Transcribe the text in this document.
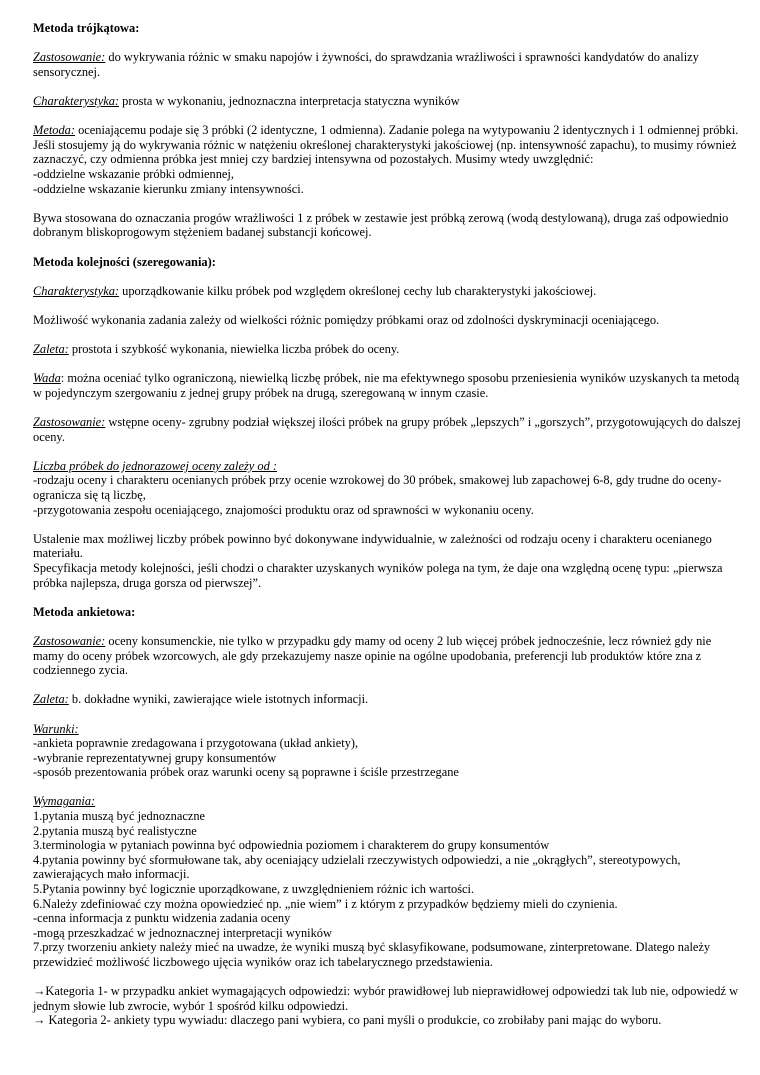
Metoda trójkątowa:

Zastosowanie: do wykrywania różnic w smaku napojów i żywności, do sprawdzania wrażliwości i sprawności kandydatów do analizy sensorycznej.

Charakterystyka: prosta w wykonaniu, jednoznaczna interpretacja statyczna wyników

Metoda: oceniającemu podaje się 3 próbki (2 identyczne, 1 odmienna). Zadanie polega na wytypowaniu 2 identycznych i 1 odmiennej próbki. Jeśli stosujemy ją do wykrywania różnic w natężeniu określonej charakterystyki jakościowej (np. intensywność zapachu), to musimy również zaznaczyć, czy odmienna próbka jest mniej czy bardziej intensywna od pozostałych. Musimy wtedy uwzględnić:

-oddzielne wskazanie próbki odmiennej,

-oddzielne wskazanie kierunku zmiany intensywności.

Bywa stosowana do oznaczania progów wrażliwości 1 z próbek w zestawie jest próbką zerową (wodą destylowaną), druga zaś odpowiednio dobranym bliskoprogowym stężeniem badanej substancji końcowej.

Metoda kolejności (szeregowania):

Charakterystyka: uporządkowanie kilku próbek pod względem określonej cechy lub charakterystyki jakościowej.

Możliwość wykonania zadania zależy od wielkości różnic pomiędzy próbkami oraz od zdolności dyskryminacji oceniającego.

Zaleta: prostota i szybkość wykonania, niewielka liczba próbek do oceny.

Wada: można oceniać tylko ograniczoną, niewielką liczbę próbek, nie ma efektywnego sposobu przeniesienia wyników uzyskanych ta metodą w pojedynczym szergowaniu z jednej grupy próbek na drugą, szeregowaną w innym czasie.

Zastosowanie: wstępne oceny- zgrubny podział większej ilości próbek na grupy próbek „lepszych” i „gorszych”, przygotowujących do dalszej oceny.

Liczba próbek do jednorazowej oceny zależy od :

-rodzaju oceny i charakteru ocenianych próbek przy ocenie wzrokowej do 30 próbek, smakowej lub zapachowej 6-8, gdy trudne do oceny-ogranicza się tą liczbę,

-przygotowania zespołu oceniającego, znajomości produktu oraz od sprawności w wykonaniu oceny.

Ustalenie max możliwej liczby próbek powinno być dokonywane indywidualnie, w zależności od rodzaju oceny i charakteru ocenianego materiału.

Specyfikacja metody kolejności, jeśli chodzi o charakter uzyskanych wyników polega na tym, że daje ona względną ocenę typu: „pierwsza próbka najlepsza, druga gorsza od pierwszej”.

Metoda ankietowa:

Zastosowanie: oceny konsumenckie, nie tylko w przypadku gdy mamy od oceny 2 lub więcej próbek jednocześnie, lecz również gdy nie mamy do oceny próbek wzorcowych, ale gdy przekazujemy nasze opinie na ogólne upodobania, preferencji lub produktów które zna z codziennego zycia.

Zaleta: b. dokładne wyniki, zawierające wiele istotnych informacji.

Warunki:

-ankieta poprawnie zredagowana i przygotowana (układ ankiety),

-wybranie reprezentatywnej grupy konsumentów

-sposób prezentowania próbek oraz warunki oceny są poprawne i ściśle przestrzegane

Wymagania:

1.pytania muszą być jednoznaczne

2.pytania muszą być realistyczne

3.terminologia w pytaniach powinna być odpowiednia poziomem i charakterem do grupy konsumentów

4.pytania powinny być sformułowane tak, aby oceniający udzielali rzeczywistych odpowiedzi, a nie „okrągłych”, stereotypowych, zawierających mało informacji.

5.Pytania powinny być logicznie uporządkowane, z uwzględnieniem różnic ich wartości.

6.Należy zdefiniować czy można opowiedzieć np. „nie wiem” i z którym z przypadków będziemy mieli do czynienia.

-cenna informacja z punktu widzenia zadania oceny

-mogą przeszkadzać w jednoznacznej interpretacji wyników

7.przy tworzeniu ankiety należy mieć na uwadze, że wyniki muszą być sklasyfikowane, podsumowane, zinterpretowane. Dlatego należy przewidzieć możliwość liczbowego ujęcia wyników oraz ich tabelarycznego przedstawienia.

→Kategoria 1- w przypadku ankiet wymagających odpowiedzi: wybór prawidłowej lub nieprawidłowej odpowiedzi tak lub nie, odpowiedź w jednym słowie lub zwrocie, wybór 1 spośród kilku odpowiedzi.

→ Kategoria 2- ankiety typu wywiadu: dlaczego pani wybiera, co pani myśli o produkcie, co zrobiłaby pani mając do wyboru.
